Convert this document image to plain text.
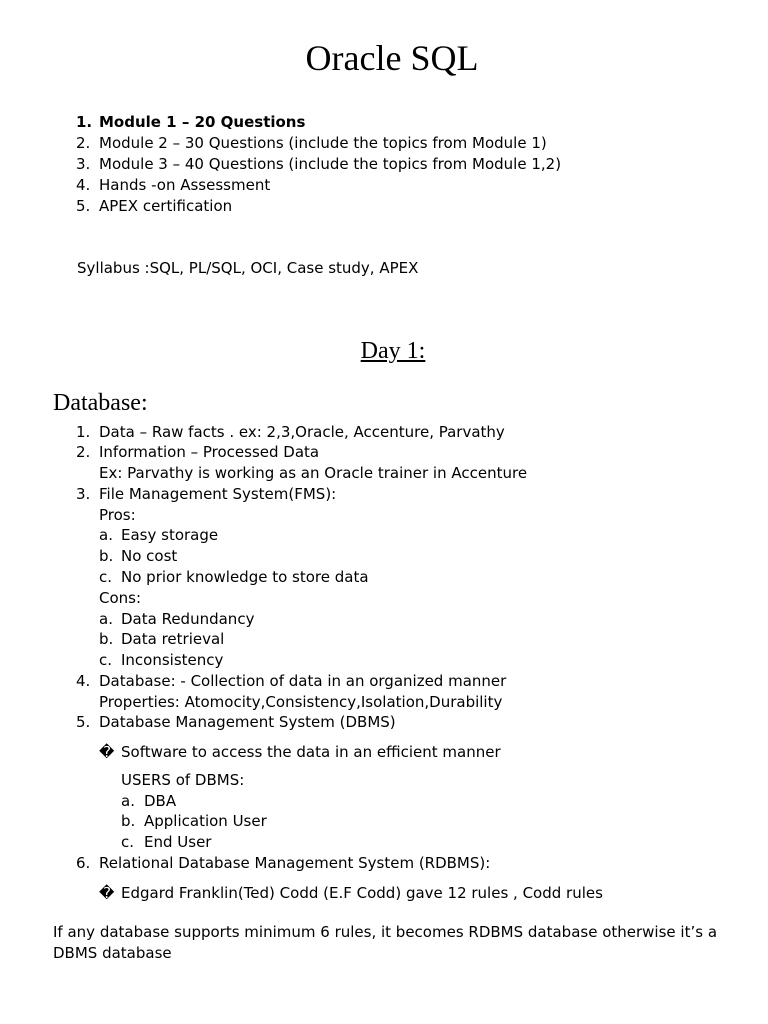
Oracle SQL
1. Module 1 – 20 Questions
2. Module 2 – 30 Questions (include the topics from Module 1)
3. Module 3 – 40 Questions (include the topics from Module 1,2)
4. Hands -on Assessment
5. APEX certification
Syllabus :SQL, PL/SQL, OCI, Case study, APEX
Day 1:
Database:
1. Data – Raw facts . ex: 2,3,Oracle, Accenture, Parvathy
2. Information – Processed Data
Ex: Parvathy is working as an Oracle trainer in Accenture
3. File Management System(FMS):
Pros:
a. Easy storage
b. No cost
c. No prior knowledge to store data
Cons:
a. Data Redundancy
b. Data retrieval
c. Inconsistency
4. Database: - Collection of data in an organized manner
Properties: Atomocity,Consistency,Isolation,Durability
5. Database Management System (DBMS)
� Software to access the data in an efficient manner
USERS of DBMS:
a. DBA
b. Application User
c. End User
6. Relational Database Management System (RDBMS):
� Edgard Franklin(Ted) Codd (E.F Codd) gave 12 rules , Codd rules
If any database supports minimum 6 rules, it becomes RDBMS database otherwise it’s a DBMS database
